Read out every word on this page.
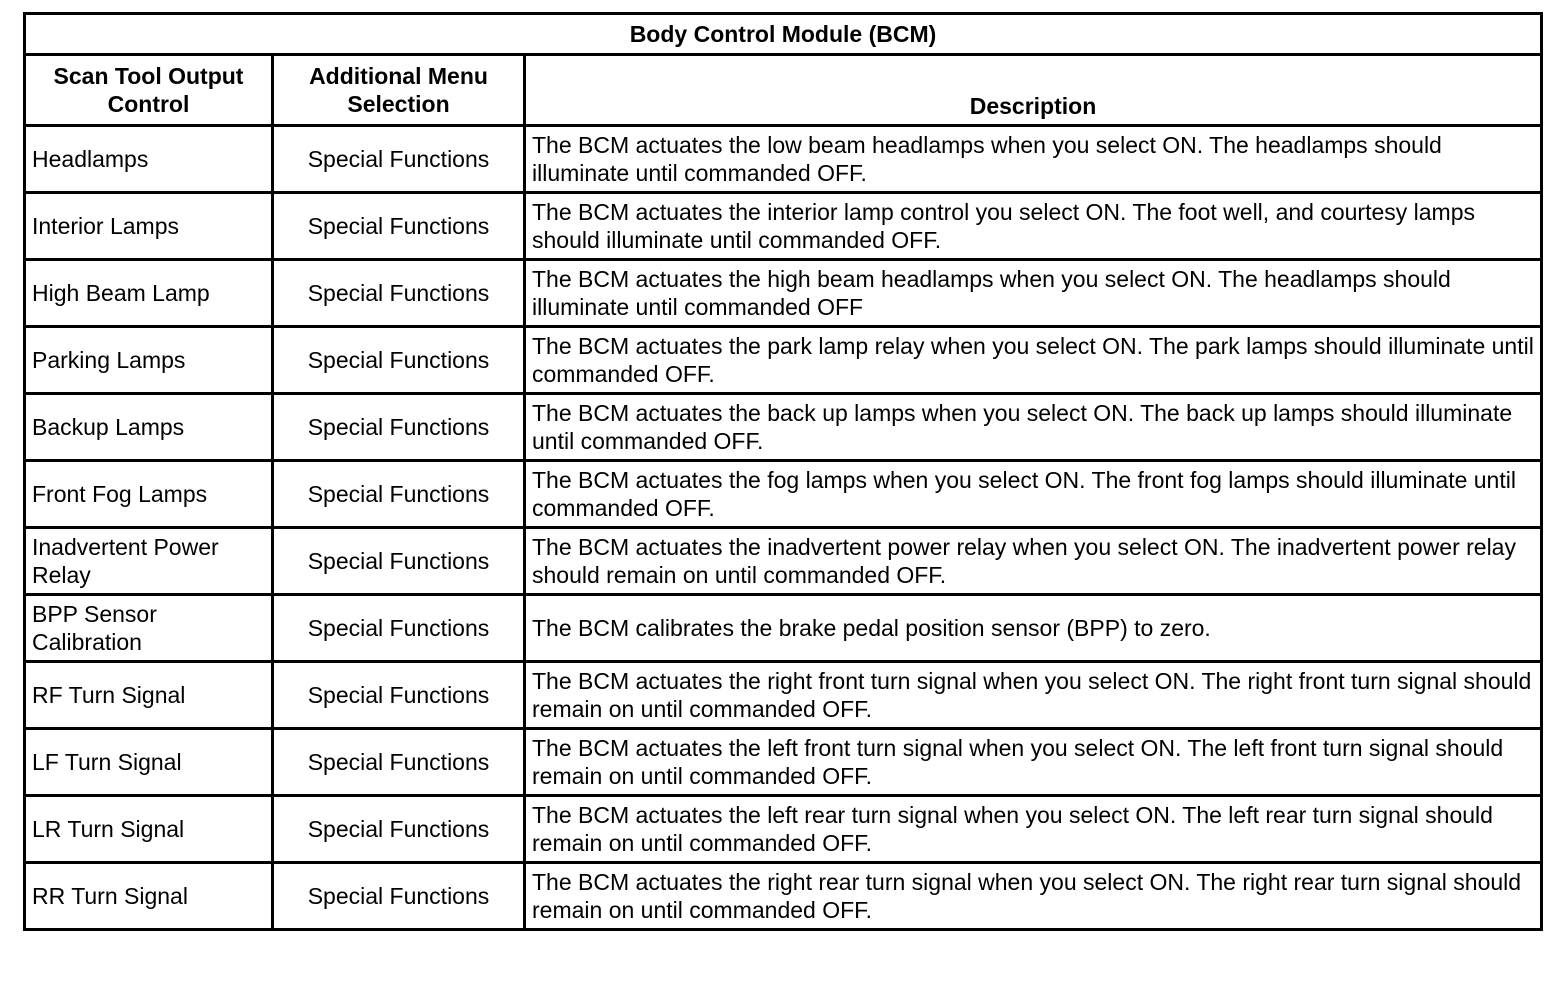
Body Control Module (BCM)		
Scan Tool Output Control	Additional Menu Selection	Description
Headlamps	Special Functions	The BCM actuates the low beam headlamps when you select ON. The headlamps should illuminate until commanded OFF.
Interior Lamps	Special Functions	The BCM actuates the interior lamp control you select ON. The foot well, and courtesy lamps should illuminate until commanded OFF.
High Beam Lamp	Special Functions	The BCM actuates the high beam headlamps when you select ON. The headlamps should illuminate until commanded OFF
Parking Lamps	Special Functions	The BCM actuates the park lamp relay when you select ON. The park lamps should illuminate until commanded OFF.
Backup Lamps	Special Functions	The BCM actuates the back up lamps when you select ON. The back up lamps should illuminate until commanded OFF.
Front Fog Lamps	Special Functions	The BCM actuates the fog lamps when you select ON. The front fog lamps should illuminate until commanded OFF.
Inadvertent Power Relay	Special Functions	The BCM actuates the inadvertent power relay when you select ON. The inadvertent power relay should remain on until commanded OFF.
BPP Sensor Calibration	Special Functions	The BCM calibrates the brake pedal position sensor (BPP) to zero.
RF Turn Signal	Special Functions	The BCM actuates the right front turn signal when you select ON. The right front turn signal should remain on until commanded OFF.
LF Turn Signal	Special Functions	The BCM actuates the left front turn signal when you select ON. The left front turn signal should remain on until commanded OFF.
LR Turn Signal	Special Functions	The BCM actuates the left rear turn signal when you select ON. The left rear turn signal should remain on until commanded OFF.
RR Turn Signal	Special Functions	The BCM actuates the right rear turn signal when you select ON. The right rear turn signal should remain on until commanded OFF.
